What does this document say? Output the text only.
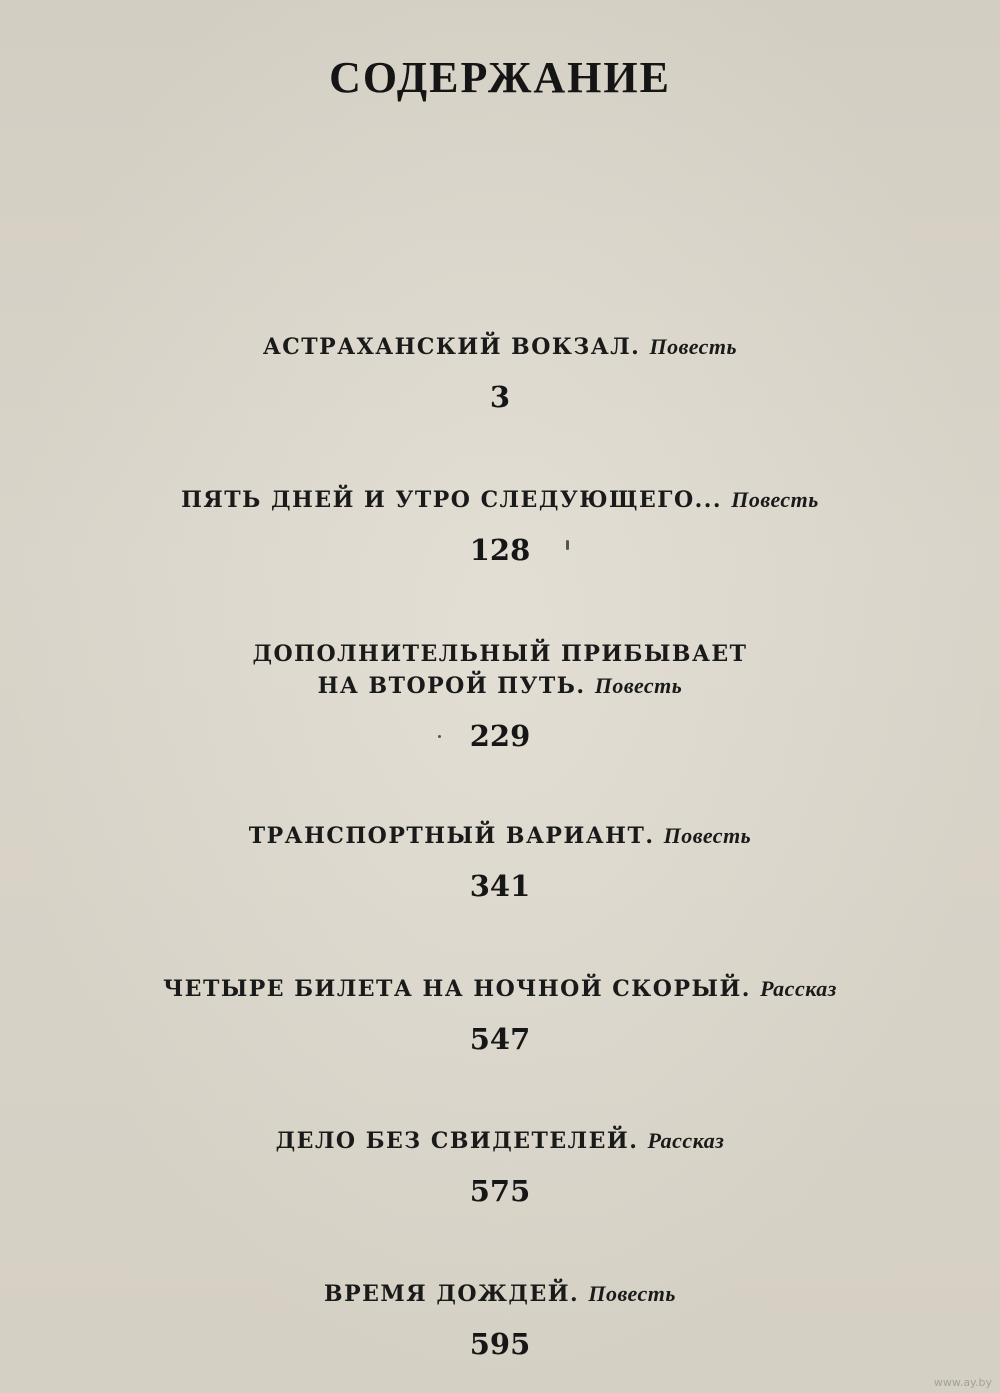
СОДЕРЖАНИЕ
АСТРАХАНСКИЙ ВОКЗАЛ. Повесть
3
ПЯТЬ ДНЕЙ И УТРО СЛЕДУЮЩЕГО... Повесть
128
ДОПОЛНИТЕЛЬНЫЙ ПРИБЫВАЕТ
НА ВТОРОЙ ПУТЬ. Повесть
229
ТРАНСПОРТНЫЙ ВАРИАНТ. Повесть
341
ЧЕТЫРЕ БИЛЕТА НА НОЧНОЙ СКОРЫЙ. Рассказ
547
ДЕЛО БЕЗ СВИДЕТЕЛЕЙ. Рассказ
575
ВРЕМЯ ДОЖДЕЙ. Повесть
595
www.ay.by
